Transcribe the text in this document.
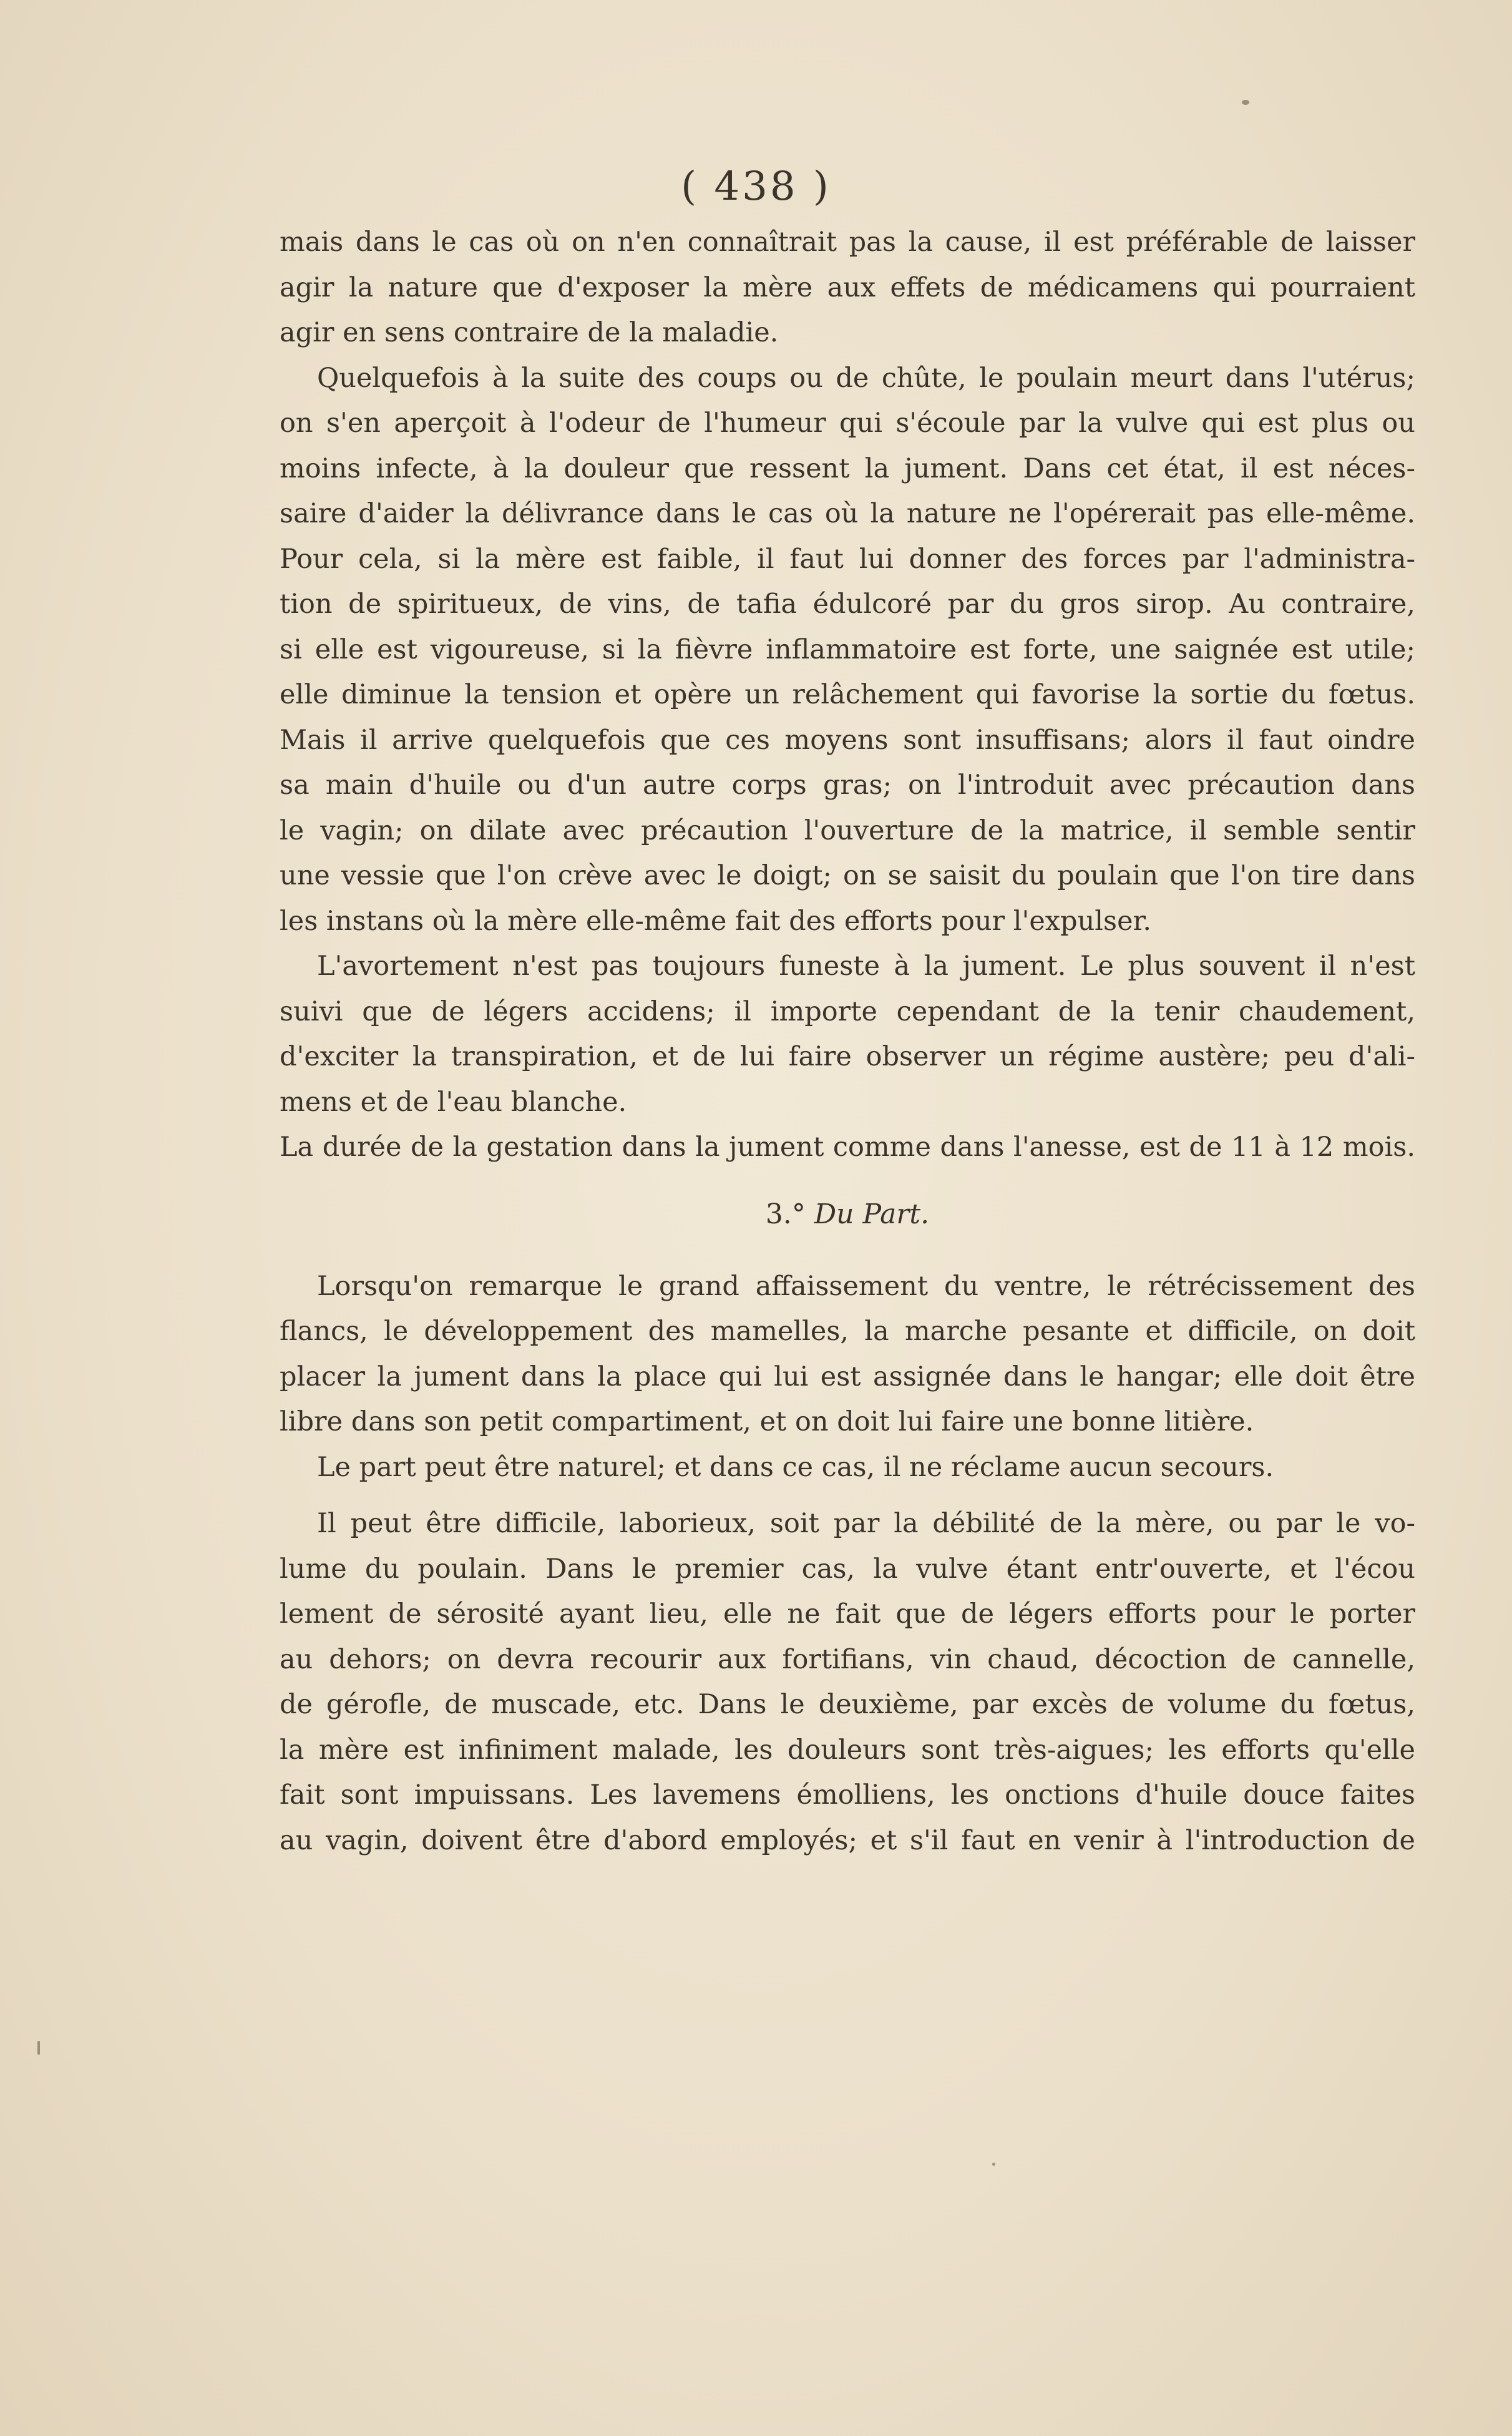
( 438 )
mais dans le cas où on n'en connaîtrait pas la cause, il est préférable de laisser
agir la nature que d'exposer la mère aux effets de médicamens qui pourraient
agir en sens contraire de la maladie.
Quelquefois à la suite des coups ou de chûte, le poulain meurt dans l'utérus;
on s'en aperçoit à l'odeur de l'humeur qui s'écoule par la vulve qui est plus ou
moins infecte, à la douleur que ressent la jument. Dans cet état, il est néces-
saire d'aider la délivrance dans le cas où la nature ne l'opérerait pas elle-même.
Pour cela, si la mère est faible, il faut lui donner des forces par l'administra-
tion de spiritueux, de vins, de tafia édulcoré par du gros sirop. Au contraire,
si elle est vigoureuse, si la fièvre inflammatoire est forte, une saignée est utile;
elle diminue la tension et opère un relâchement qui favorise la sortie du fœtus.
Mais il arrive quelquefois que ces moyens sont insuffisans; alors il faut oindre
sa main d'huile ou d'un autre corps gras; on l'introduit avec précaution dans
le vagin; on dilate avec précaution l'ouverture de la matrice, il semble sentir
une vessie que l'on crève avec le doigt; on se saisit du poulain que l'on tire dans
les instans où la mère elle-même fait des efforts pour l'expulser.
L'avortement n'est pas toujours funeste à la jument. Le plus souvent il n'est
suivi que de légers accidens; il importe cependant de la tenir chaudement,
d'exciter la transpiration, et de lui faire observer un régime austère; peu d'ali-
mens et de l'eau blanche.
La durée de la gestation dans la jument comme dans l'anesse, est de 11 à 12 mois.
3.° Du Part.
Lorsqu'on remarque le grand affaissement du ventre, le rétrécissement des
flancs, le développement des mamelles, la marche pesante et difficile, on doit
placer la jument dans la place qui lui est assignée dans le hangar; elle doit être
libre dans son petit compartiment, et on doit lui faire une bonne litière.
Le part peut être naturel; et dans ce cas, il ne réclame aucun secours.
Il peut être difficile, laborieux, soit par la débilité de la mère, ou par le vo-
lume du poulain. Dans le premier cas, la vulve étant entr'ouverte, et l'écou
lement de sérosité ayant lieu, elle ne fait que de légers efforts pour le porter
au dehors; on devra recourir aux fortifians, vin chaud, décoction de cannelle,
de gérofle, de muscade, etc. Dans le deuxième, par excès de volume du fœtus,
la mère est infiniment malade, les douleurs sont très-aigues; les efforts qu'elle
fait sont impuissans. Les lavemens émolliens, les onctions d'huile douce faites
au vagin, doivent être d'abord employés; et s'il faut en venir à l'introduction de
